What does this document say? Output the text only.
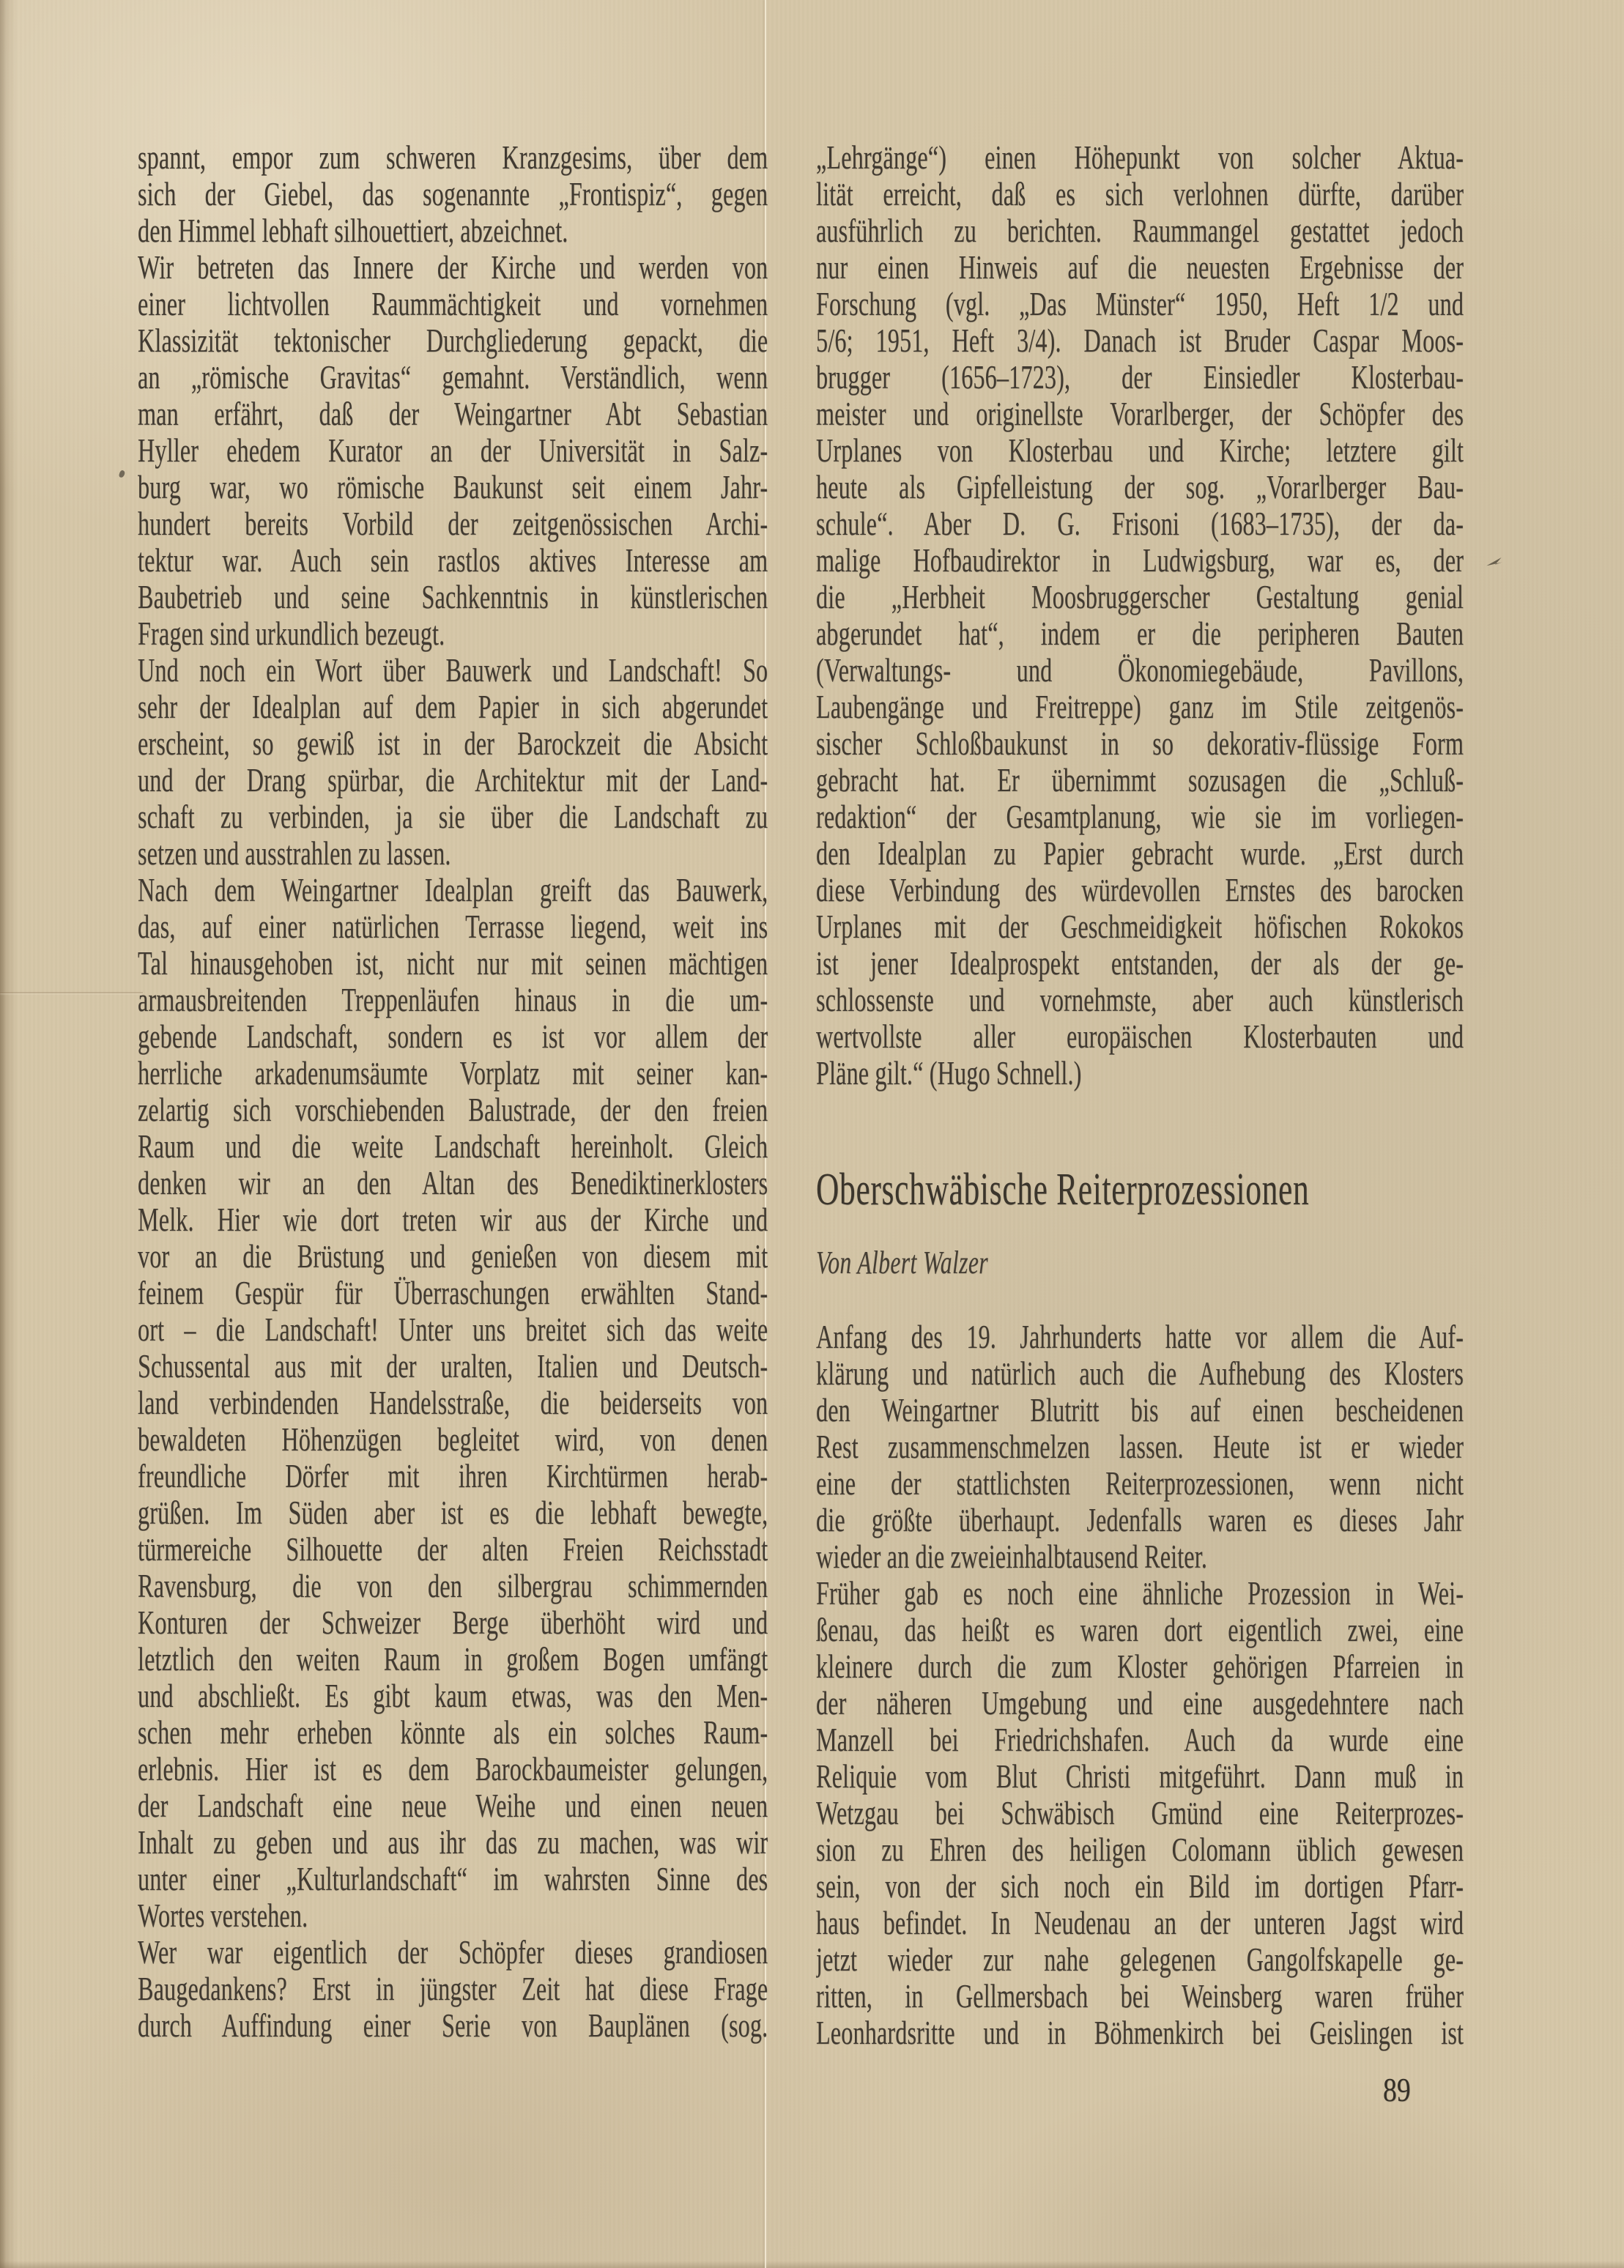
spannt, empor zum schweren Kranzgesims, über dem
sich der Giebel, das sogenannte „Frontispiz“, gegen
den Himmel lebhaft silhouettiert, abzeichnet.
Wir betreten das Innere der Kirche und werden von
einer lichtvollen Raummächtigkeit und vornehmen
Klassizität tektonischer Durchgliederung gepackt, die
an „römische Gravitas“ gemahnt. Verständlich, wenn
man erfährt, daß der Weingartner Abt Sebastian
Hyller ehedem Kurator an der Universität in Salz-
burg war, wo römische Baukunst seit einem Jahr-
hundert bereits Vorbild der zeitgenössischen Archi-
tektur war. Auch sein rastlos aktives Interesse am
Baubetrieb und seine Sachkenntnis in künstlerischen
Fragen sind urkundlich bezeugt.
Und noch ein Wort über Bauwerk und Landschaft! So
sehr der Idealplan auf dem Papier in sich abgerundet
erscheint, so gewiß ist in der Barockzeit die Absicht
und der Drang spürbar, die Architektur mit der Land-
schaft zu verbinden, ja sie über die Landschaft zu
setzen und ausstrahlen zu lassen.
Nach dem Weingartner Idealplan greift das Bauwerk,
das, auf einer natürlichen Terrasse liegend, weit ins
Tal hinausgehoben ist, nicht nur mit seinen mächtigen
armausbreitenden Treppenläufen hinaus in die um-
gebende Landschaft, sondern es ist vor allem der
herrliche arkadenumsäumte Vorplatz mit seiner kan-
zelartig sich vorschiebenden Balustrade, der den freien
Raum und die weite Landschaft hereinholt. Gleich
denken wir an den Altan des Benediktinerklosters
Melk. Hier wie dort treten wir aus der Kirche und
vor an die Brüstung und genießen von diesem mit
feinem Gespür für Überraschungen erwählten Stand-
ort – die Landschaft! Unter uns breitet sich das weite
Schussental aus mit der uralten, Italien und Deutsch-
land verbindenden Handelsstraße, die beiderseits von
bewaldeten Höhenzügen begleitet wird, von denen
freundliche Dörfer mit ihren Kirchtürmen herab-
grüßen. Im Süden aber ist es die lebhaft bewegte,
türmereiche Silhouette der alten Freien Reichsstadt
Ravensburg, die von den silbergrau schimmernden
Konturen der Schweizer Berge überhöht wird und
letztlich den weiten Raum in großem Bogen umfängt
und abschließt. Es gibt kaum etwas, was den Men-
schen mehr erheben könnte als ein solches Raum-
erlebnis. Hier ist es dem Barockbaumeister gelungen,
der Landschaft eine neue Weihe und einen neuen
Inhalt zu geben und aus ihr das zu machen, was wir
unter einer „Kulturlandschaft“ im wahrsten Sinne des
Wortes verstehen.
Wer war eigentlich der Schöpfer dieses grandiosen
Baugedankens? Erst in jüngster Zeit hat diese Frage
durch Auffindung einer Serie von Bauplänen (sog.
„Lehrgänge“) einen Höhepunkt von solcher Aktua-
lität erreicht, daß es sich verlohnen dürfte, darüber
ausführlich zu berichten. Raummangel gestattet jedoch
nur einen Hinweis auf die neuesten Ergebnisse der
Forschung (vgl. „Das Münster“ 1950, Heft 1/2 und
5/6; 1951, Heft 3/4). Danach ist Bruder Caspar Moos-
brugger (1656–1723), der Einsiedler Klosterbau-
meister und originellste Vorarlberger, der Schöpfer des
Urplanes von Klosterbau und Kirche; letztere gilt
heute als Gipfelleistung der sog. „Vorarlberger Bau-
schule“. Aber D. G. Frisoni (1683–1735), der da-
malige Hofbaudirektor in Ludwigsburg, war es, der
die „Herbheit Moosbruggerscher Gestaltung genial
abgerundet hat“, indem er die peripheren Bauten
(Verwaltungs- und Ökonomiegebäude, Pavillons,
Laubengänge und Freitreppe) ganz im Stile zeitgenös-
sischer Schloßbaukunst in so dekorativ-flüssige Form
gebracht hat. Er übernimmt sozusagen die „Schluß-
redaktion“ der Gesamtplanung, wie sie im vorliegen-
den Idealplan zu Papier gebracht wurde. „Erst durch
diese Verbindung des würdevollen Ernstes des barocken
Urplanes mit der Geschmeidigkeit höfischen Rokokos
ist jener Idealprospekt entstanden, der als der ge-
schlossenste und vornehmste, aber auch künstlerisch
wertvollste aller europäischen Klosterbauten und
Pläne gilt.“ (Hugo Schnell.)
Oberschwäbische Reiterprozessionen
Von Albert Walzer
Anfang des 19. Jahrhunderts hatte vor allem die Auf-
klärung und natürlich auch die Aufhebung des Klosters
den Weingartner Blutritt bis auf einen bescheidenen
Rest zusammenschmelzen lassen. Heute ist er wieder
eine der stattlichsten Reiterprozessionen, wenn nicht
die größte überhaupt. Jedenfalls waren es dieses Jahr
wieder an die zweieinhalbtausend Reiter.
Früher gab es noch eine ähnliche Prozession in Wei-
ßenau, das heißt es waren dort eigentlich zwei, eine
kleinere durch die zum Kloster gehörigen Pfarreien in
der näheren Umgebung und eine ausgedehntere nach
Manzell bei Friedrichshafen. Auch da wurde eine
Reliquie vom Blut Christi mitgeführt. Dann muß in
Wetzgau bei Schwäbisch Gmünd eine Reiterprozes-
sion zu Ehren des heiligen Colomann üblich gewesen
sein, von der sich noch ein Bild im dortigen Pfarr-
haus befindet. In Neudenau an der unteren Jagst wird
jetzt wieder zur nahe gelegenen Gangolfskapelle ge-
ritten, in Gellmersbach bei Weinsberg waren früher
Leonhardsritte und in Böhmenkirch bei Geislingen ist
89
